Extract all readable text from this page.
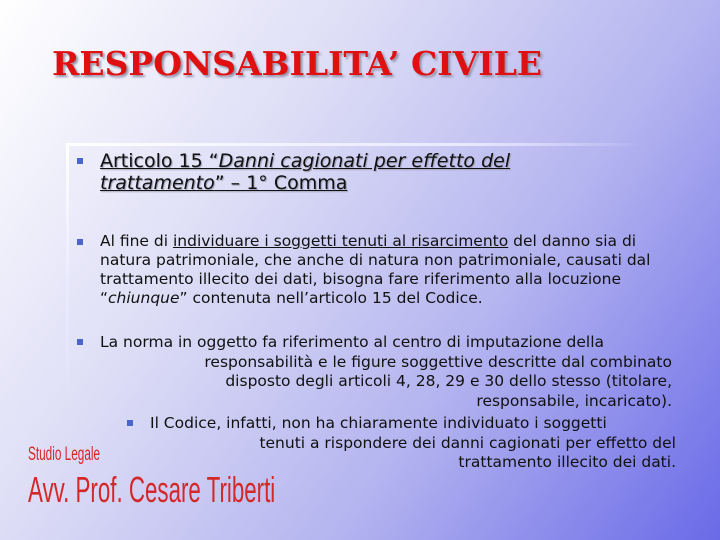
RESPONSABILITA’ CIVILE
Articolo 15 “Danni cagionati per effetto del trattamento” – 1° Comma
Al fine di individuare i soggetti tenuti al risarcimento del danno sia di natura patrimoniale, che anche di natura non patrimoniale, causati dal trattamento illecito dei dati, bisogna fare riferimento alla locuzione “chiunque” contenuta nell’articolo 15 del Codice.
La norma in oggetto fa riferimento al centro di imputazione della
responsabilità e le figure soggettive descritte dal combinato
disposto degli articoli 4, 28, 29 e 30 dello stesso (titolare,
responsabile, incaricato).
Il Codice, infatti, non ha chiaramente individuato i soggetti
tenuti a rispondere dei danni cagionati per effetto del
trattamento illecito dei dati.
Studio Legale
Avv. Prof. Cesare Triberti
